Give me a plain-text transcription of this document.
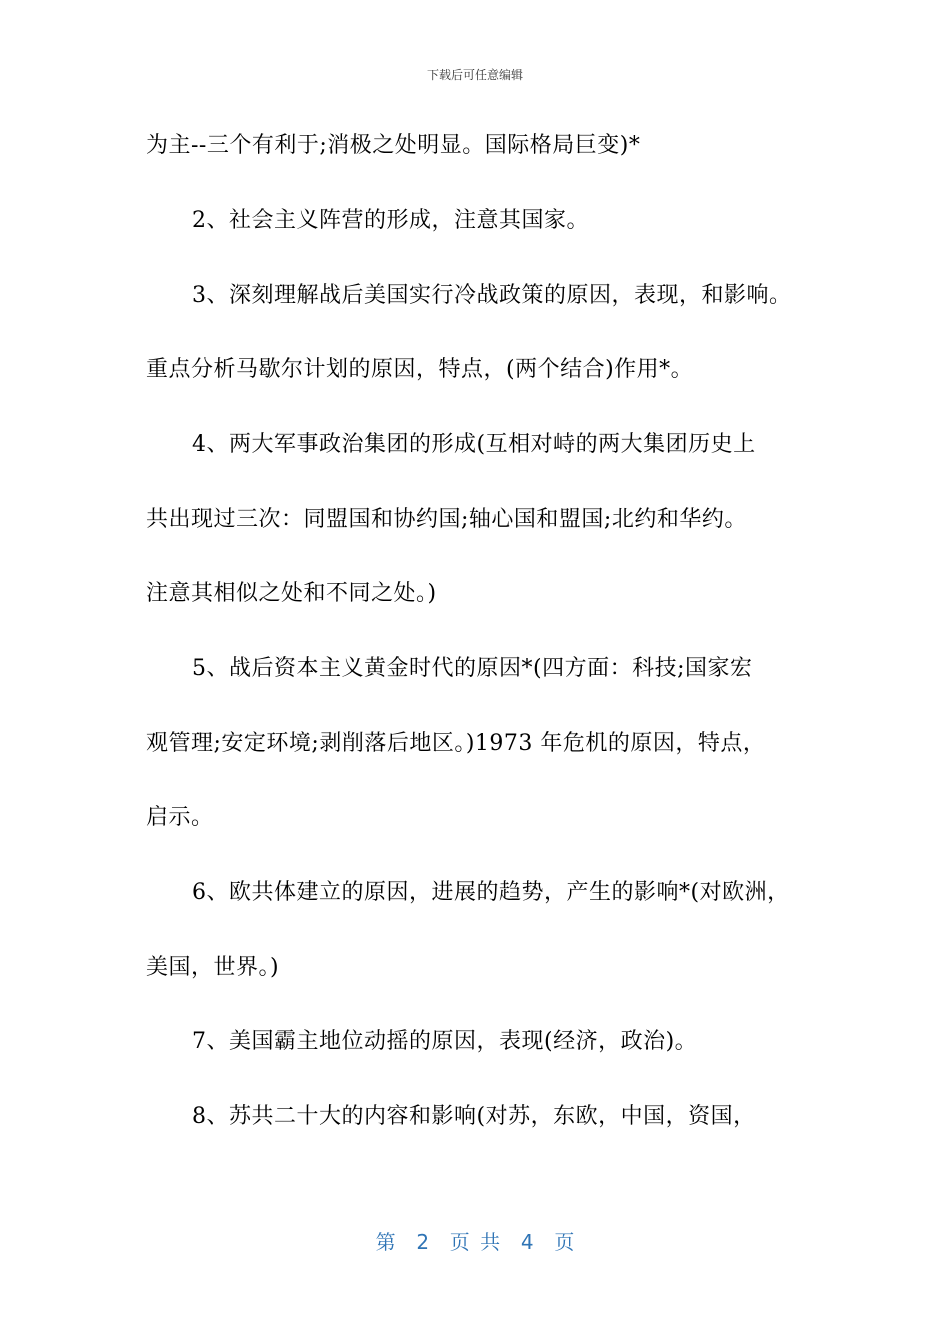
下载后可任意编辑
为主--三个有利于;消极之处明显。国际格局巨变)*
2、社会主义阵营的形成，注意其国家。
3、深刻理解战后美国实行冷战政策的原因，表现，和影响。
重点分析马歇尔计划的原因，特点，(两个结合)作用*。
4、两大军事政治集团的形成(互相对峙的两大集团历史上
共出现过三次：同盟国和协约国;轴心国和盟国;北约和华约。
注意其相似之处和不同之处。)
5、战后资本主义黄金时代的原因*(四方面：科技;国家宏
观管理;安定环境;剥削落后地区。)1973 年危机的原因，特点，
启示。
6、欧共体建立的原因，进展的趋势，产生的影响*(对欧洲，
美国，世界。)
7、美国霸主地位动摇的原因，表现(经济，政治)。
8、苏共二十大的内容和影响(对苏，东欧，中国，资国，
第  2  页 共  4  页
